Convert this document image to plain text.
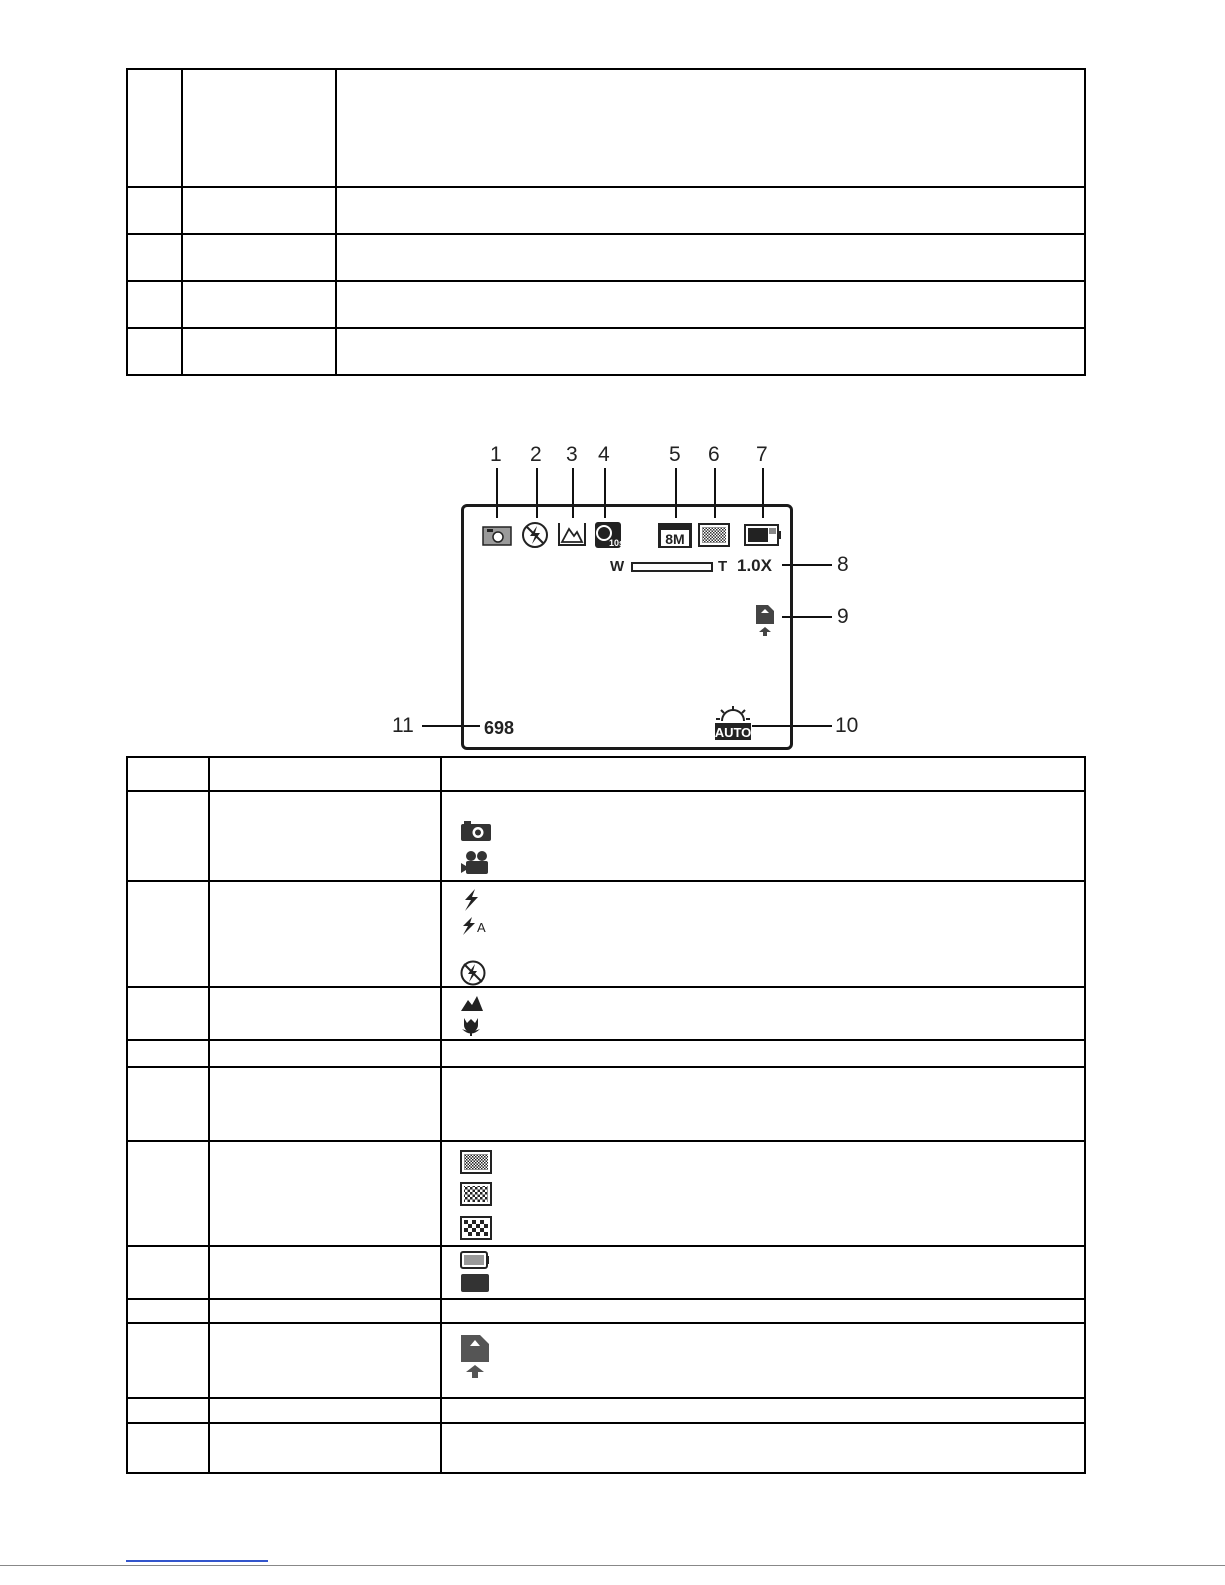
1 2 3 4	5 6 7
8
9
10
11
10s	8M
W	T 1.0X
AUTO
698

A
